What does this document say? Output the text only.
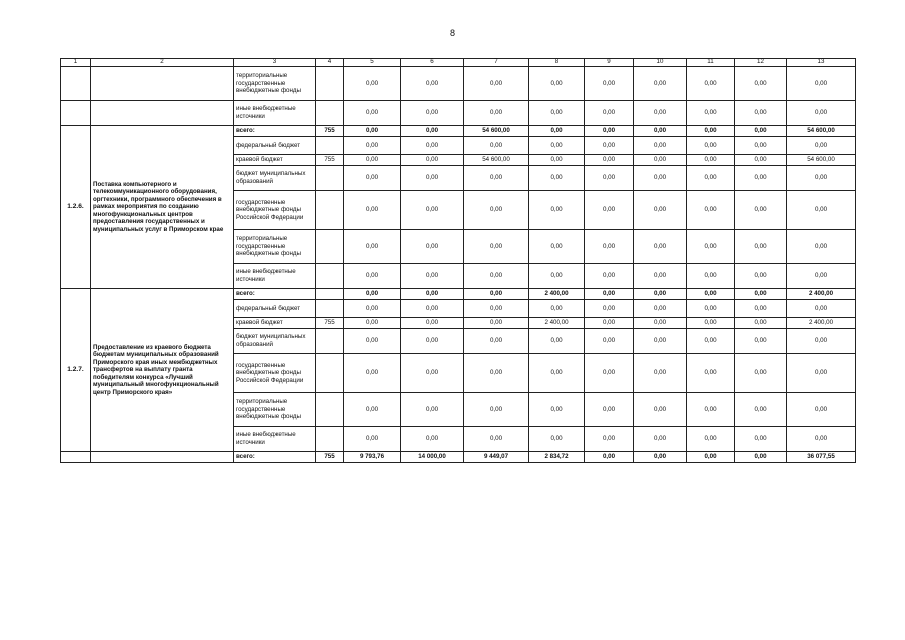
8
1	2	3	4	5	6	7	8	9	10	11	12	13
		территориальные государственные внебюджетные фонды		0,00	0,00	0,00	0,00	0,00	0,00	0,00	0,00	0,00
		иные внебюджетные источники		0,00	0,00	0,00	0,00	0,00	0,00	0,00	0,00	0,00
1.2.6.	Поставка компьютерного и телекоммуникационного оборудования, оргтехники, программного обеспечения в рамках мероприятия по созданию многофункциональных центров предоставления государственных и муниципальных услуг в Приморском крае	всего:	755	0,00	0,00	54 600,00	0,00	0,00	0,00	0,00	0,00	54 600,00
		федеральный бюджет		0,00	0,00	0,00	0,00	0,00	0,00	0,00	0,00	0,00
		краевой бюджет	755	0,00	0,00	54 600,00	0,00	0,00	0,00	0,00	0,00	54 600,00
		бюджет муниципальных образований		0,00	0,00	0,00	0,00	0,00	0,00	0,00	0,00	0,00
		государственные внебюджетные фонды Российской Федерации		0,00	0,00	0,00	0,00	0,00	0,00	0,00	0,00	0,00
		территориальные государственные внебюджетные фонды		0,00	0,00	0,00	0,00	0,00	0,00	0,00	0,00	0,00
		иные внебюджетные источники		0,00	0,00	0,00	0,00	0,00	0,00	0,00	0,00	0,00
1.2.7.	Предоставление из краевого бюджета бюджетам муниципальных образований Приморского края иных межбюджетных трансфертов на выплату гранта победителям конкурса «Лучший муниципальный многофункциональный центр Приморского края»	всего:		0,00	0,00	0,00	2 400,00	0,00	0,00	0,00	0,00	2 400,00
		федеральный бюджет		0,00	0,00	0,00	0,00	0,00	0,00	0,00	0,00	0,00
		краевой бюджет	755	0,00	0,00	0,00	2 400,00	0,00	0,00	0,00	0,00	2 400,00
		бюджет муниципальных образований		0,00	0,00	0,00	0,00	0,00	0,00	0,00	0,00	0,00
		государственные внебюджетные фонды Российской Федерации		0,00	0,00	0,00	0,00	0,00	0,00	0,00	0,00	0,00
		территориальные государственные внебюджетные фонды		0,00	0,00	0,00	0,00	0,00	0,00	0,00	0,00	0,00
		иные внебюджетные источники		0,00	0,00	0,00	0,00	0,00	0,00	0,00	0,00	0,00
		всего:	755	9 793,76	14 000,00	9 449,07	2 834,72	0,00	0,00	0,00	0,00	36 077,55
